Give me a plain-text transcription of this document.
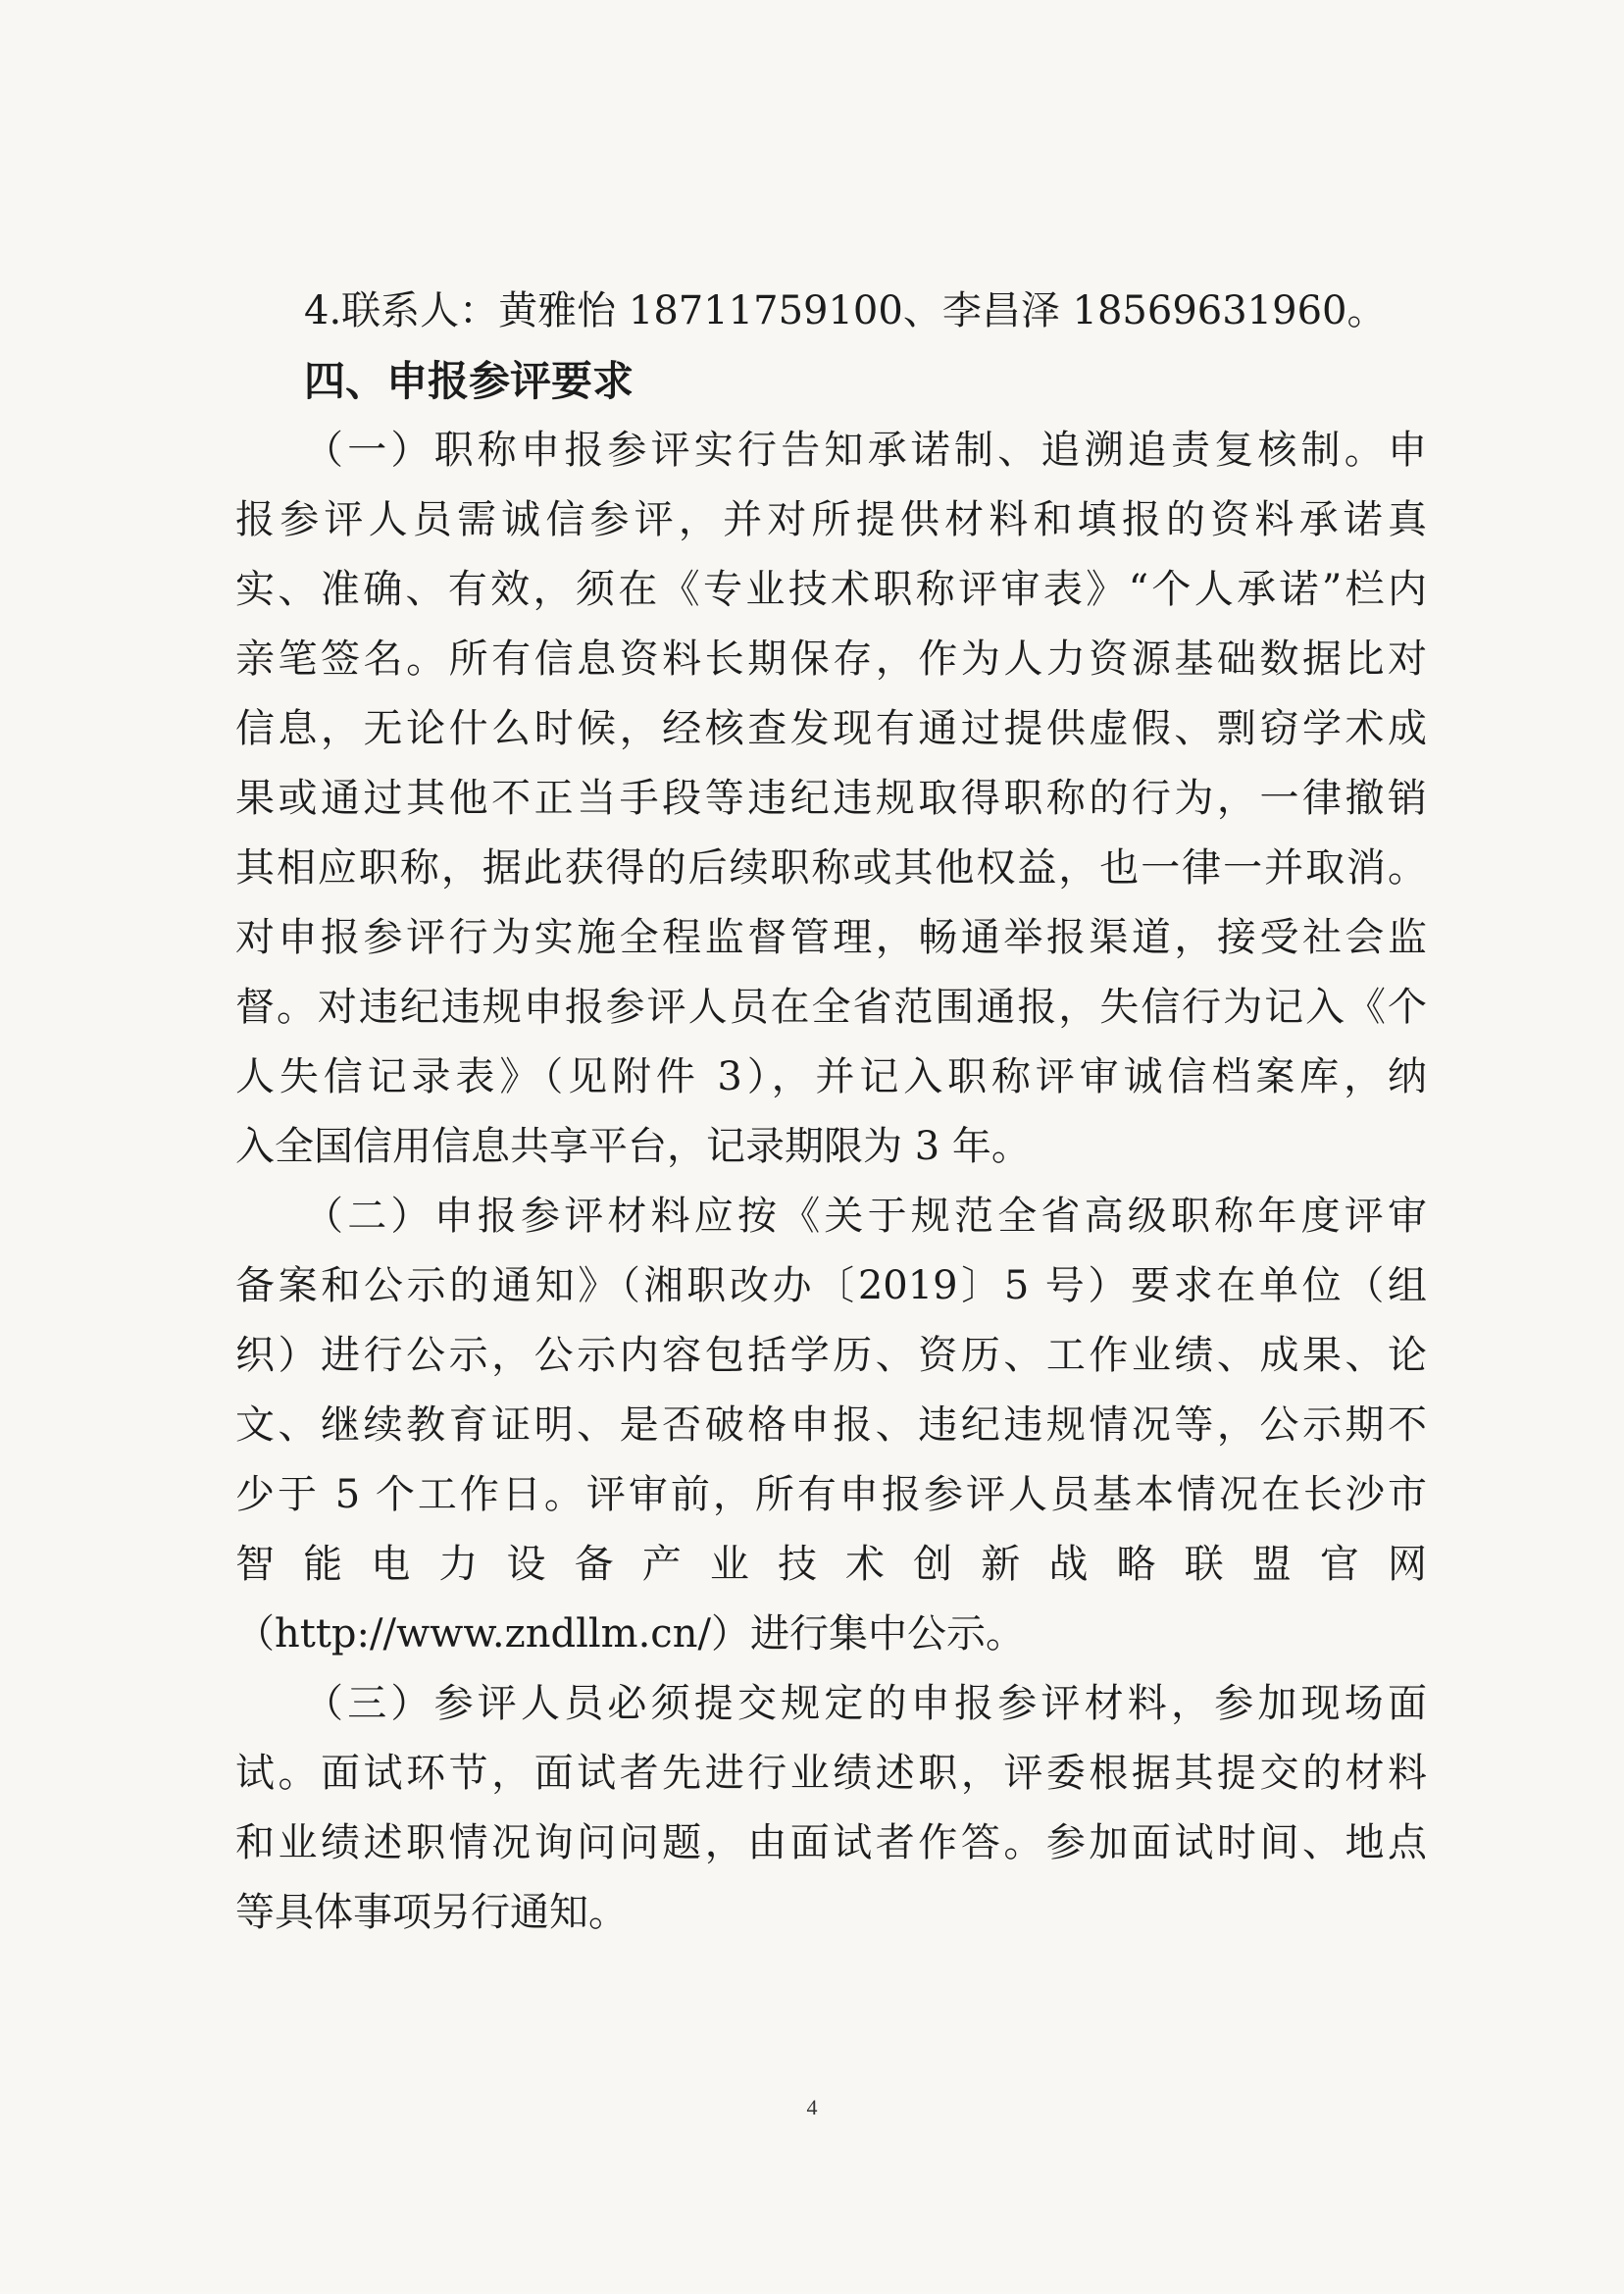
4.联系人：黄雅怡 18711759100、李昌泽 18569631960。
四、申报参评要求
（一）职称申报参评实行告知承诺制、追溯追责复核制。申
报参评人员需诚信参评，并对所提供材料和填报的资料承诺真
实、准确、有效，须在《专业技术职称评审表》“个人承诺”栏内
亲笔签名。所有信息资料长期保存，作为人力资源基础数据比对
信息，无论什么时候，经核查发现有通过提供虚假、剽窃学术成
果或通过其他不正当手段等违纪违规取得职称的行为，一律撤销
其相应职称，据此获得的后续职称或其他权益，也一律一并取消。
对申报参评行为实施全程监督管理，畅通举报渠道，接受社会监
督。对违纪违规申报参评人员在全省范围通报，失信行为记入《个
人失信记录表》（见附件 3），并记入职称评审诚信档案库，纳
入全国信用信息共享平台，记录期限为 3 年。
（二）申报参评材料应按《关于规范全省高级职称年度评审
备案和公示的通知》（湘职改办〔2019〕5 号）要求在单位（组
织）进行公示，公示内容包括学历、资历、工作业绩、成果、论
文、继续教育证明、是否破格申报、违纪违规情况等，公示期不
少于 5 个工作日。评审前，所有申报参评人员基本情况在长沙市
智能电力设备产业技术创新战略联盟官网
（http://www.zndllm.cn/）进行集中公示。
（三）参评人员必须提交规定的申报参评材料，参加现场面
试。面试环节，面试者先进行业绩述职，评委根据其提交的材料
和业绩述职情况询问问题，由面试者作答。参加面试时间、地点
等具体事项另行通知。
4
